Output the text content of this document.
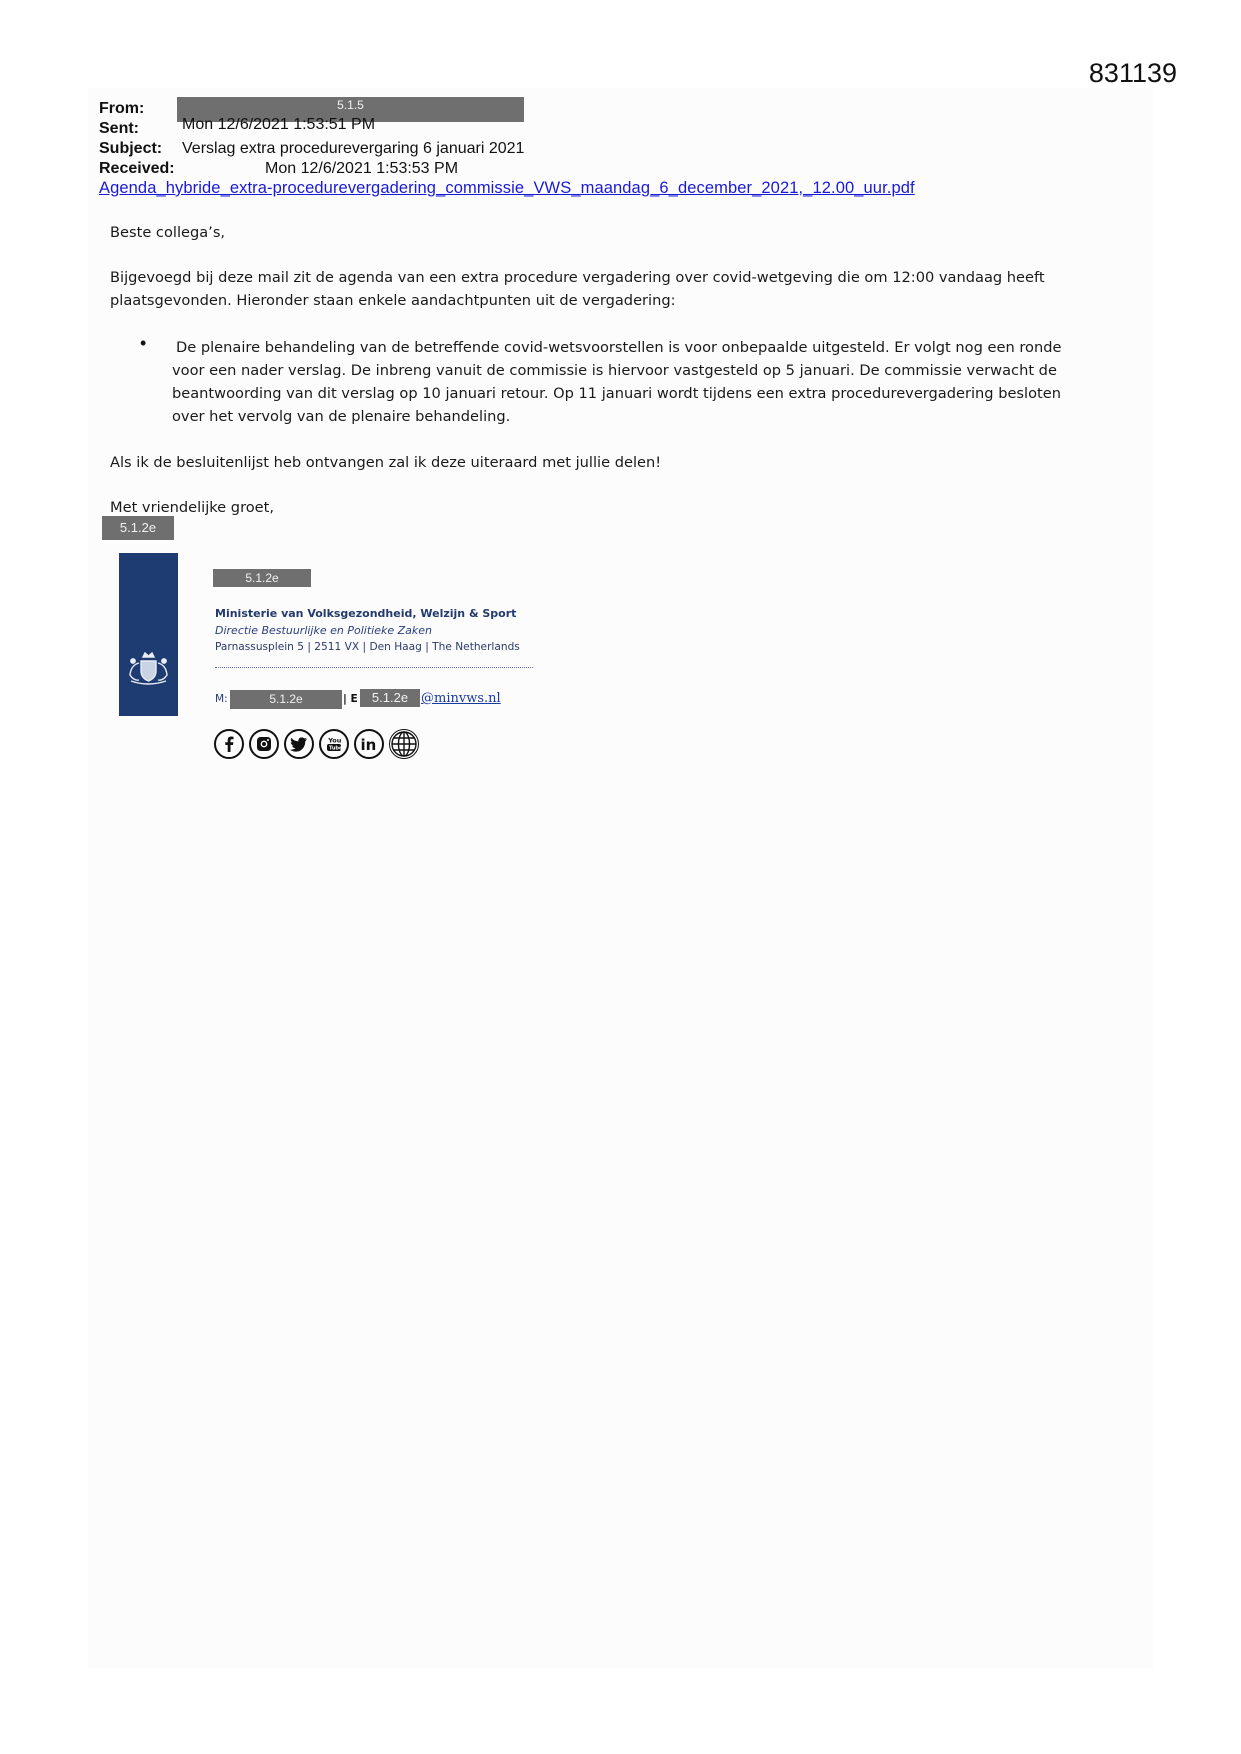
831139
From:	5.1.5
Sent:	Mon 12/6/2021 1:53:51 PM
Subject: Verslag extra procedurevergaring 6 januari 2021
Received:	Mon 12/6/2021 1:53:53 PM
Agenda_hybride_extra-procedurevergadering_commissie_VWS_maandag_6_december_2021,_12.00_uur.pdf
Beste collega’s,
Bijgevoegd bij deze mail zit de agenda van een extra procedure vergadering over covid-wetgeving die om 12:00 vandaag heeft
plaatsgevonden. Hieronder staan enkele aandachtpunten uit de vergadering:
• De plenaire behandeling van de betreffende covid-wetsvoorstellen is voor onbepaalde uitgesteld. Er volgt nog een ronde
voor een nader verslag. De inbreng vanuit de commissie is hiervoor vastgesteld op 5 januari. De commissie verwacht de
beantwoording van dit verslag op 10 januari retour. Op 11 januari wordt tijdens een extra procedurevergadering besloten
over het vervolg van de plenaire behandeling.
Als ik de besluitenlijst heb ontvangen zal ik deze uiteraard met jullie delen!
Met vriendelijke groet,
5.1.2e
5.1.2e
Ministerie van Volksgezondheid, Welzijn & Sport
Directie Bestuurlijke en Politieke Zaken
Parnassusplein 5 | 2511 VX | Den Haag | The Netherlands
M:	5.1.2e	| E	5.1.2e @minvws.nl
You
Tube in
